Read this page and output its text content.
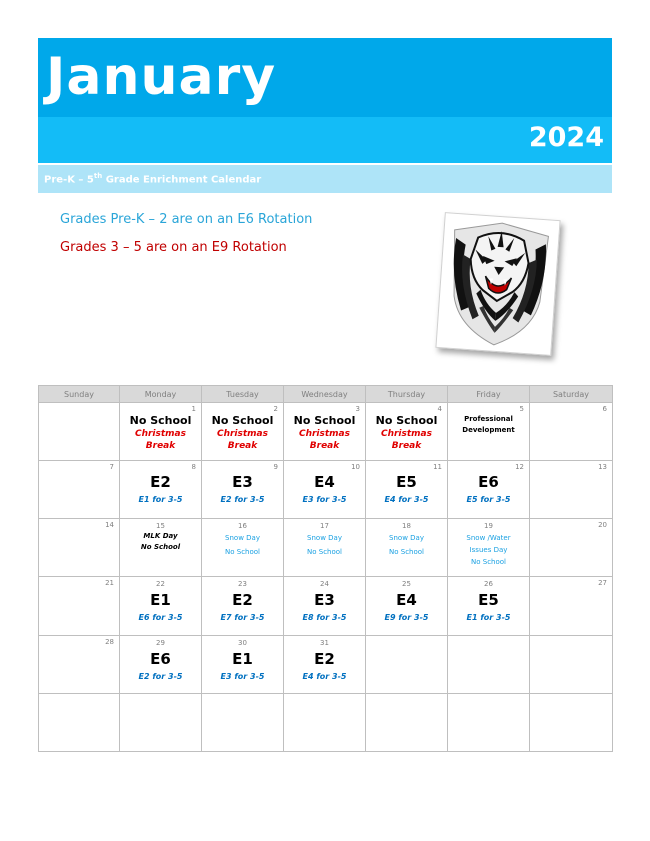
January
2024
Pre-K – 5th Grade Enrichment Calendar
Grades Pre-K – 2 are on an E6 Rotation
Grades 3 – 5 are on an E9 Rotation
Sunday	Monday	Tuesday	Wednesday	Thursday	Friday	Saturday

	1
No School
Christmas
Break	2
No School
Christmas
Break	3
No School
Christmas
Break	4
No School
Christmas
Break	5
Professional
Development	6

7	8
E2
E1 for 3-5	9
E3
E2 for 3-5	10
E4
E3 for 3-5	11
E5
E4 for 3-5	12
E6
E5 for 3-5	13

14	15
MLK Day
No School	16
Snow Day
No School	17
Snow Day
No School	18
Snow Day
No School	19
Snow /Water
Issues Day
No School	20

21	22
E1
E6 for 3-5	23
E2
E7 for 3-5	24
E3
E8 for 3-5	25
E4
E9 for 3-5	26
E5
E1 for 3-5	27

28	29
E6
E2 for 3-5	30
E1
E3 for 3-5	31
E2
E4 for 3-5			
